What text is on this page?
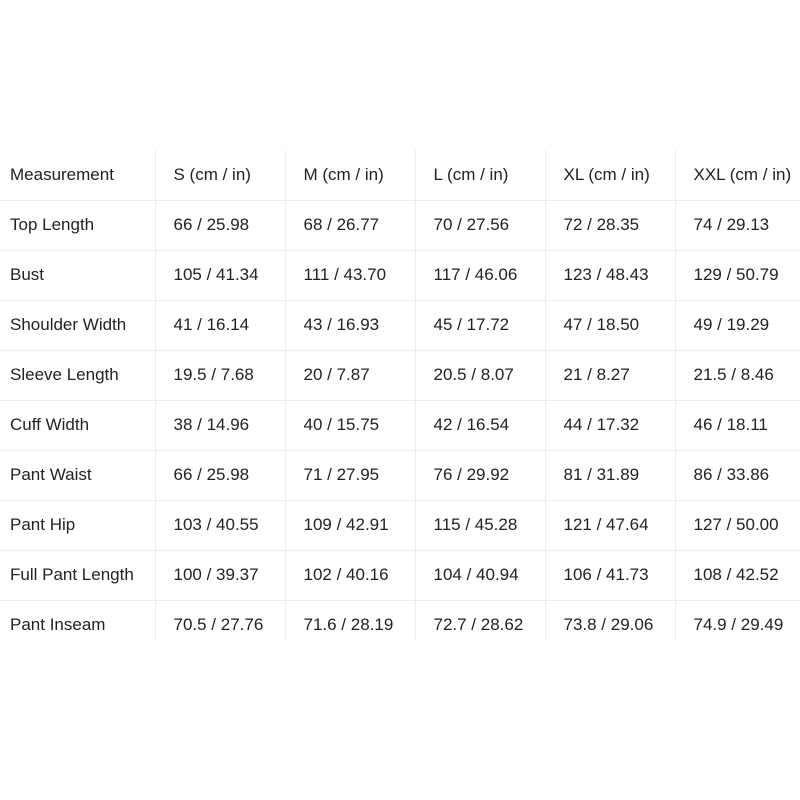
Measurement	S (cm / in)	M (cm / in)	L (cm / in)	XL (cm / in)	XXL (cm / in)
Top Length	66 / 25.98	68 / 26.77	70 / 27.56	72 / 28.35	74 / 29.13
Bust	105 / 41.34	111 / 43.70	117 / 46.06	123 / 48.43	129 / 50.79
Shoulder Width	41 / 16.14	43 / 16.93	45 / 17.72	47 / 18.50	49 / 19.29
Sleeve Length	19.5 / 7.68	20 / 7.87	20.5 / 8.07	21 / 8.27	21.5 / 8.46
Cuff Width	38 / 14.96	40 / 15.75	42 / 16.54	44 / 17.32	46 / 18.11
Pant Waist	66 / 25.98	71 / 27.95	76 / 29.92	81 / 31.89	86 / 33.86
Pant Hip	103 / 40.55	109 / 42.91	115 / 45.28	121 / 47.64	127 / 50.00
Full Pant Length	100 / 39.37	102 / 40.16	104 / 40.94	106 / 41.73	108 / 42.52
Pant Inseam	70.5 / 27.76	71.6 / 28.19	72.7 / 28.62	73.8 / 29.06	74.9 / 29.49
